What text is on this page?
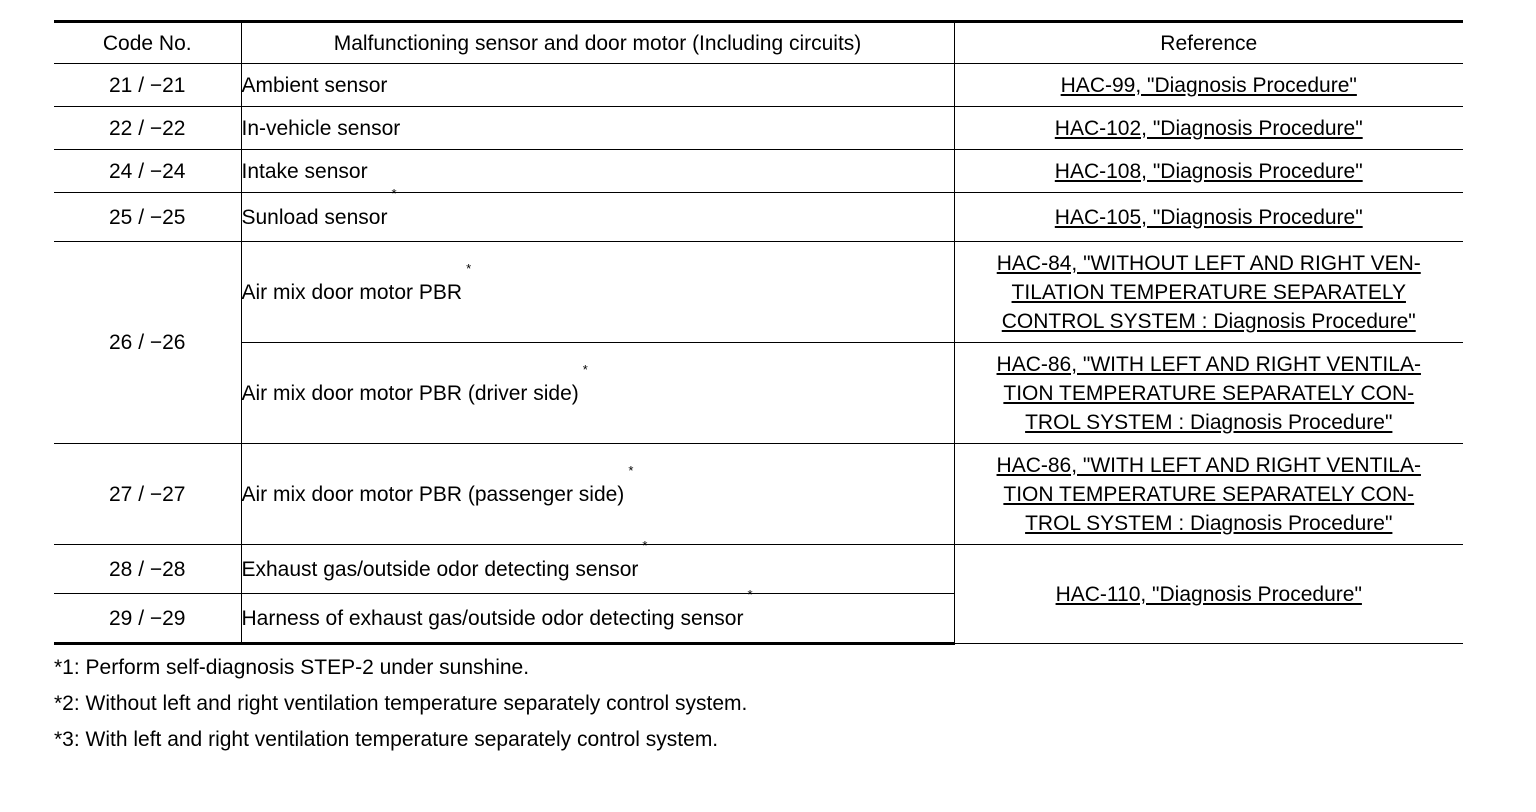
Code No.	Malfunctioning sensor and door motor (Including circuits)	Reference
21 / −21	Ambient sensor	HAC-99, "Diagnosis Procedure"
22 / −22	In-vehicle sensor	HAC-102, "Diagnosis Procedure"
24 / −24	Intake sensor	HAC-108, "Diagnosis Procedure"
25 / −25	Sunload sensor*	HAC-105, "Diagnosis Procedure"
26 / −26	Air mix door motor PBR*	HAC-84, "WITHOUT LEFT AND RIGHT VEN-
TILATION TEMPERATURE SEPARATELY
CONTROL SYSTEM : Diagnosis Procedure"

	Air mix door motor PBR (driver side)*	HAC-86, "WITH LEFT AND RIGHT VENTILA-
TION TEMPERATURE SEPARATELY CON-
TROL SYSTEM : Diagnosis Procedure"

27 / −27	Air mix door motor PBR (passenger side)*	HAC-86, "WITH LEFT AND RIGHT VENTILA-
TION TEMPERATURE SEPARATELY CON-
TROL SYSTEM : Diagnosis Procedure"

28 / −28	Exhaust gas/outside odor detecting sensor*	HAC-110, "Diagnosis Procedure"
29 / −29	Harness of exhaust gas/outside odor detecting sensor*
*1: Perform self-diagnosis STEP-2 under sunshine.
*2: Without left and right ventilation temperature separately control system.
*3: With left and right ventilation temperature separately control system.
